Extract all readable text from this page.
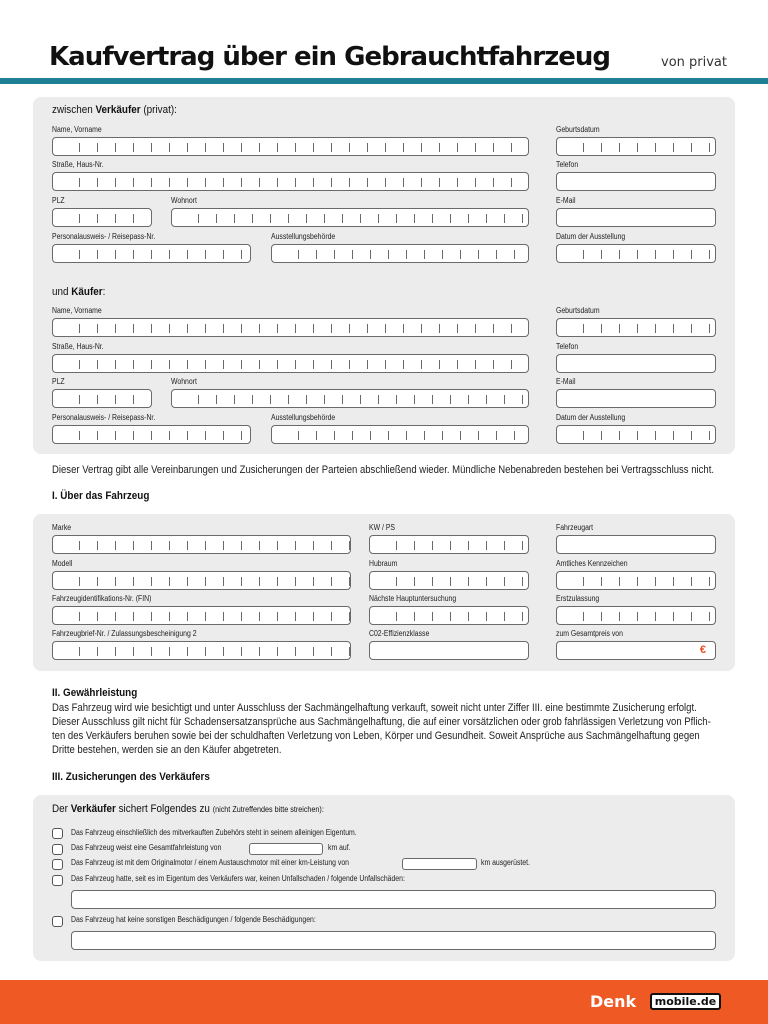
Kaufvertrag über ein Gebrauchtfahrzeug	von privat
zwischen Verkäufer (privat):
Name, Vorname	Geburtsdatum
Straße, Haus-Nr.	Telefon
PLZ	Wohnort	E-Mail
Personalausweis- / Reisepass-Nr.	Ausstellungsbehörde	Datum der Ausstellung
und Käufer:
Name, Vorname	Geburtsdatum
Straße, Haus-Nr.	Telefon
PLZ	Wohnort	E-Mail
Personalausweis- / Reisepass-Nr.	Ausstellungsbehörde	Datum der Ausstellung
Dieser Vertrag gibt alle Vereinbarungen und Zusicherungen der Parteien abschließend wieder. Mündliche Nebenabreden bestehen bei Vertragsschluss nicht.
I. Über das Fahrzeug
Marke	KW / PS	Fahrzeugart
Modell	Hubraum	Amtliches Kennzeichen
Fahrzeugidentifikations-Nr. (FIN)	Nächste Hauptuntersuchung	Erstzulassung
Fahrzeugbrief-Nr. / Zulassungsbescheinigung 2	C02-Effizienzklasse	zum Gesamtpreis von
€
II. Gewährleistung
Das Fahrzeug wird wie besichtigt und unter Ausschluss der Sachmängelhaftung verkauft, soweit nicht unter Ziffer III. eine bestimmte Zusicherung erfolgt.
Dieser Ausschluss gilt nicht für Schadensersatzansprüche aus Sachmängelhaftung, die auf einer vorsätzlichen oder grob fahrlässigen Verletzung von Pflich-
ten des Verkäufers beruhen sowie bei der schuldhaften Verletzung von Leben, Körper und Gesundheit. Soweit Ansprüche aus Sachmängelhaftung gegen
Dritte bestehen, werden sie an den Käufer abgetreten.
III. Zusicherungen des Verkäufers
Der Verkäufer sichert Folgendes zu (nicht Zutreffendes bitte streichen):
Das Fahrzeug einschließlich des mitverkauften Zubehörs steht in seinem alleinigen Eigentum.
Das Fahrzeug weist eine Gesamtfahrleistung von	km auf.
Das Fahrzeug ist mit dem Originalmotor / einem Austauschmotor mit einer km-Leistung von	km ausgerüstet.
Das Fahrzeug hatte, seit es im Eigentum des Verkäufers war, keinen Unfallschaden / folgende Unfallschäden:
Das Fahrzeug hat keine sonstigen Beschädigungen / folgende Beschädigungen:
Denk	mobile.de
